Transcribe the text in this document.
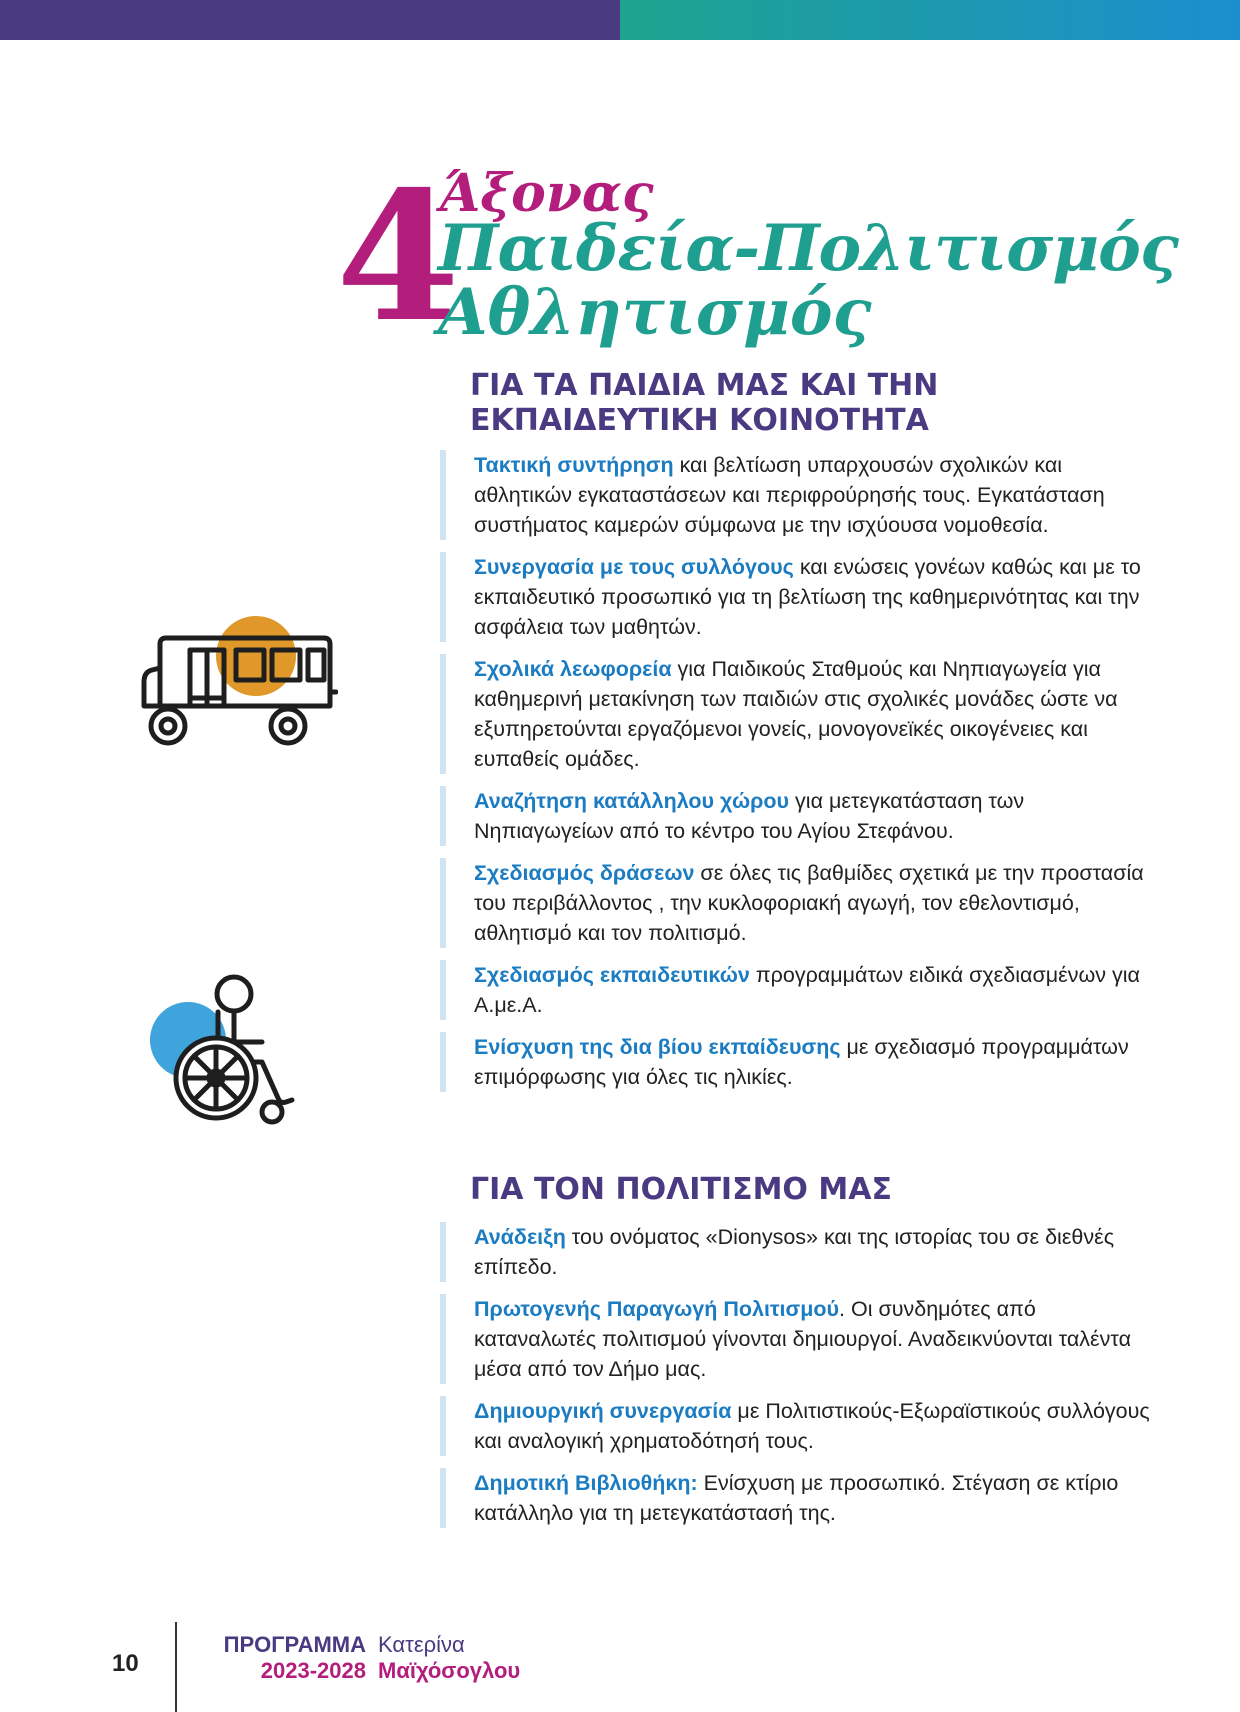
4
Άξονας
Παιδεία-Πολιτισμός
Αθλητισμός
ΓΙΑ ΤΑ ΠΑΙΔΙΑ ΜΑΣ ΚΑΙ ΤΗΝ
ΕΚΠΑΙΔΕΥΤΙΚΗ ΚΟΙΝΟΤΗΤΑ
Τακτική συντήρηση και βελτίωση υπαρχουσών σχολικών και αθλητικών εγκαταστάσεων και περιφρούρησής τους. Εγκατάσταση συστήματος καμερών σύμφωνα με την ισχύουσα νομοθεσία.
Συνεργασία με τους συλλόγους και ενώσεις γονέων καθώς και με το εκπαιδευτικό προσωπικό για τη βελτίωση της καθημερινότητας και την ασφάλεια των μαθητών.
Σχολικά λεωφορεία για Παιδικούς Σταθμούς και Νηπιαγωγεία για καθημερινή μετακίνηση των παιδιών στις σχολικές μονάδες ώστε να εξυπηρετούνται εργαζόμενοι γονείς, μονογονεϊκές οικογένειες και ευπαθείς ομάδες.
Αναζήτηση κατάλληλου χώρου για μετεγκατάσταση των Νηπιαγωγείων από το κέντρο του Αγίου Στεφάνου.
Σχεδιασμός δράσεων σε όλες τις βαθμίδες σχετικά με την προστασία του περιβάλλοντος , την κυκλοφοριακή αγωγή, τον εθελοντισμό, αθλητισμό και τον πολιτισμό.
Σχεδιασμός εκπαιδευτικών προγραμμάτων ειδικά σχεδιασμένων για Α.με.Α.
Ενίσχυση της δια βίου εκπαίδευσης με σχεδιασμό προγραμμάτων επιμόρφωσης για όλες τις ηλικίες.
ΓΙΑ ΤΟΝ ΠΟΛΙΤΙΣΜΟ ΜΑΣ
Ανάδειξη του ονόματος «Dionysos» και της ιστορίας του σε διεθνές επίπεδο.
Πρωτογενής Παραγωγή Πολιτισμού. Οι συνδημότες από καταναλωτές πολιτισμού γίνονται δημιουργοί. Αναδεικνύονται ταλέντα μέσα από τον Δήμο μας.
Δημιουργική συνεργασία με Πολιτιστικούς-Εξωραϊστικούς συλλόγους και αναλογική χρηματοδότησή τους.
Δημοτική Βιβλιοθήκη: Ενίσχυση με προσωπικό. Στέγαση σε κτίριο κατάλληλο για τη μετεγκατάστασή της.
10
ΠΡΟΓΡΑΜΜΑ
2023-2028
Κατερίνα
Μαϊχόσογλου
